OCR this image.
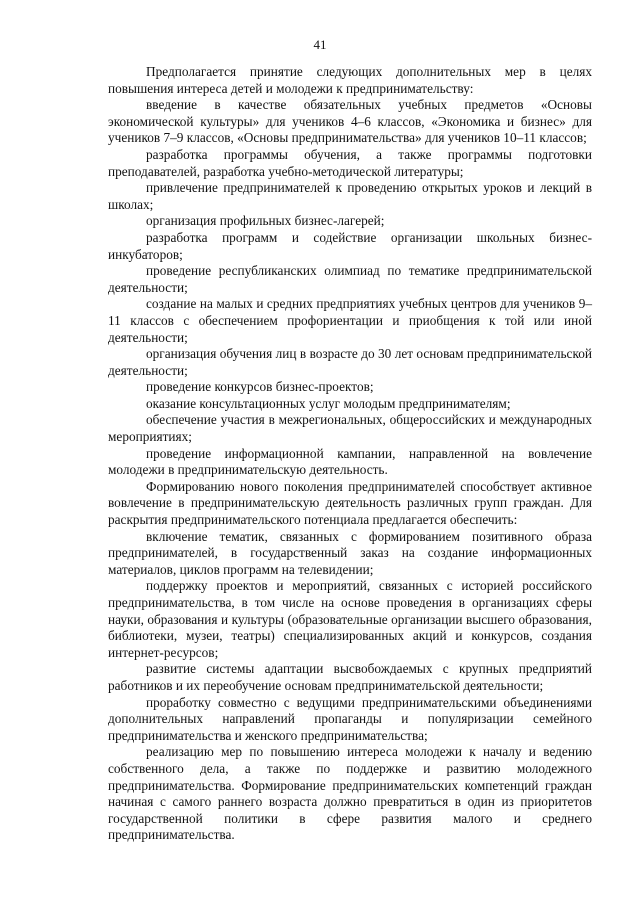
41

Предполагается принятие следующих дополнительных мер в целях повышения интереса детей и молодежи к предпринимательству:

введение в качестве обязательных учебных предметов «Основы экономической культуры» для учеников 4–6 классов, «Экономика и бизнес» для учеников 7–9 классов, «Основы предпринимательства» для учеников 10–11 классов;

разработка программы обучения, а также программы подготовки преподавателей, разработка учебно-методической литературы;

привлечение предпринимателей к проведению открытых уроков и лекций в школах;

организация профильных бизнес-лагерей;

разработка программ и содействие организации школьных бизнес-инкубаторов;

проведение республиканских олимпиад по тематике предпринимательской деятельности;

создание на малых и средних предприятиях учебных центров для учеников 9–11 классов с обеспечением профориентации и приобщения к той или иной деятельности;

организация обучения лиц в возрасте до 30 лет основам предпринимательской деятельности;

проведение конкурсов бизнес-проектов;

оказание консультационных услуг молодым предпринимателям;

обеспечение участия в межрегиональных, общероссийских и международных мероприятиях;

проведение информационной кампании, направленной на вовлечение молодежи в предпринимательскую деятельность.

Формированию нового поколения предпринимателей способствует активное вовлечение в предпринимательскую деятельность различных групп граждан. Для раскрытия предпринимательского потенциала предлагается обеспечить:

включение тематик, связанных с формированием позитивного образа предпринимателей, в государственный заказ на создание информационных материалов, циклов программ на телевидении;

поддержку проектов и мероприятий, связанных с историей российского предпринимательства, в том числе на основе проведения в организациях сферы науки, образования и культуры (образовательные организации высшего образования, библиотеки, музеи, театры) специализированных акций и конкурсов, создания интернет-ресурсов;

развитие системы адаптации высвобождаемых с крупных предприятий работников и их переобучение основам предпринимательской деятельности;

проработку совместно с ведущими предпринимательскими объединениями дополнительных направлений пропаганды и популяризации семейного предпринимательства и женского предпринимательства;

реализацию мер по повышению интереса молодежи к началу и ведению собственного дела, а также по поддержке и развитию молодежного предпринимательства. Формирование предпринимательских компетенций граждан начиная с самого раннего возраста должно превратиться в один из приоритетов государственной политики в сфере развития малого и среднего предпринимательства.
